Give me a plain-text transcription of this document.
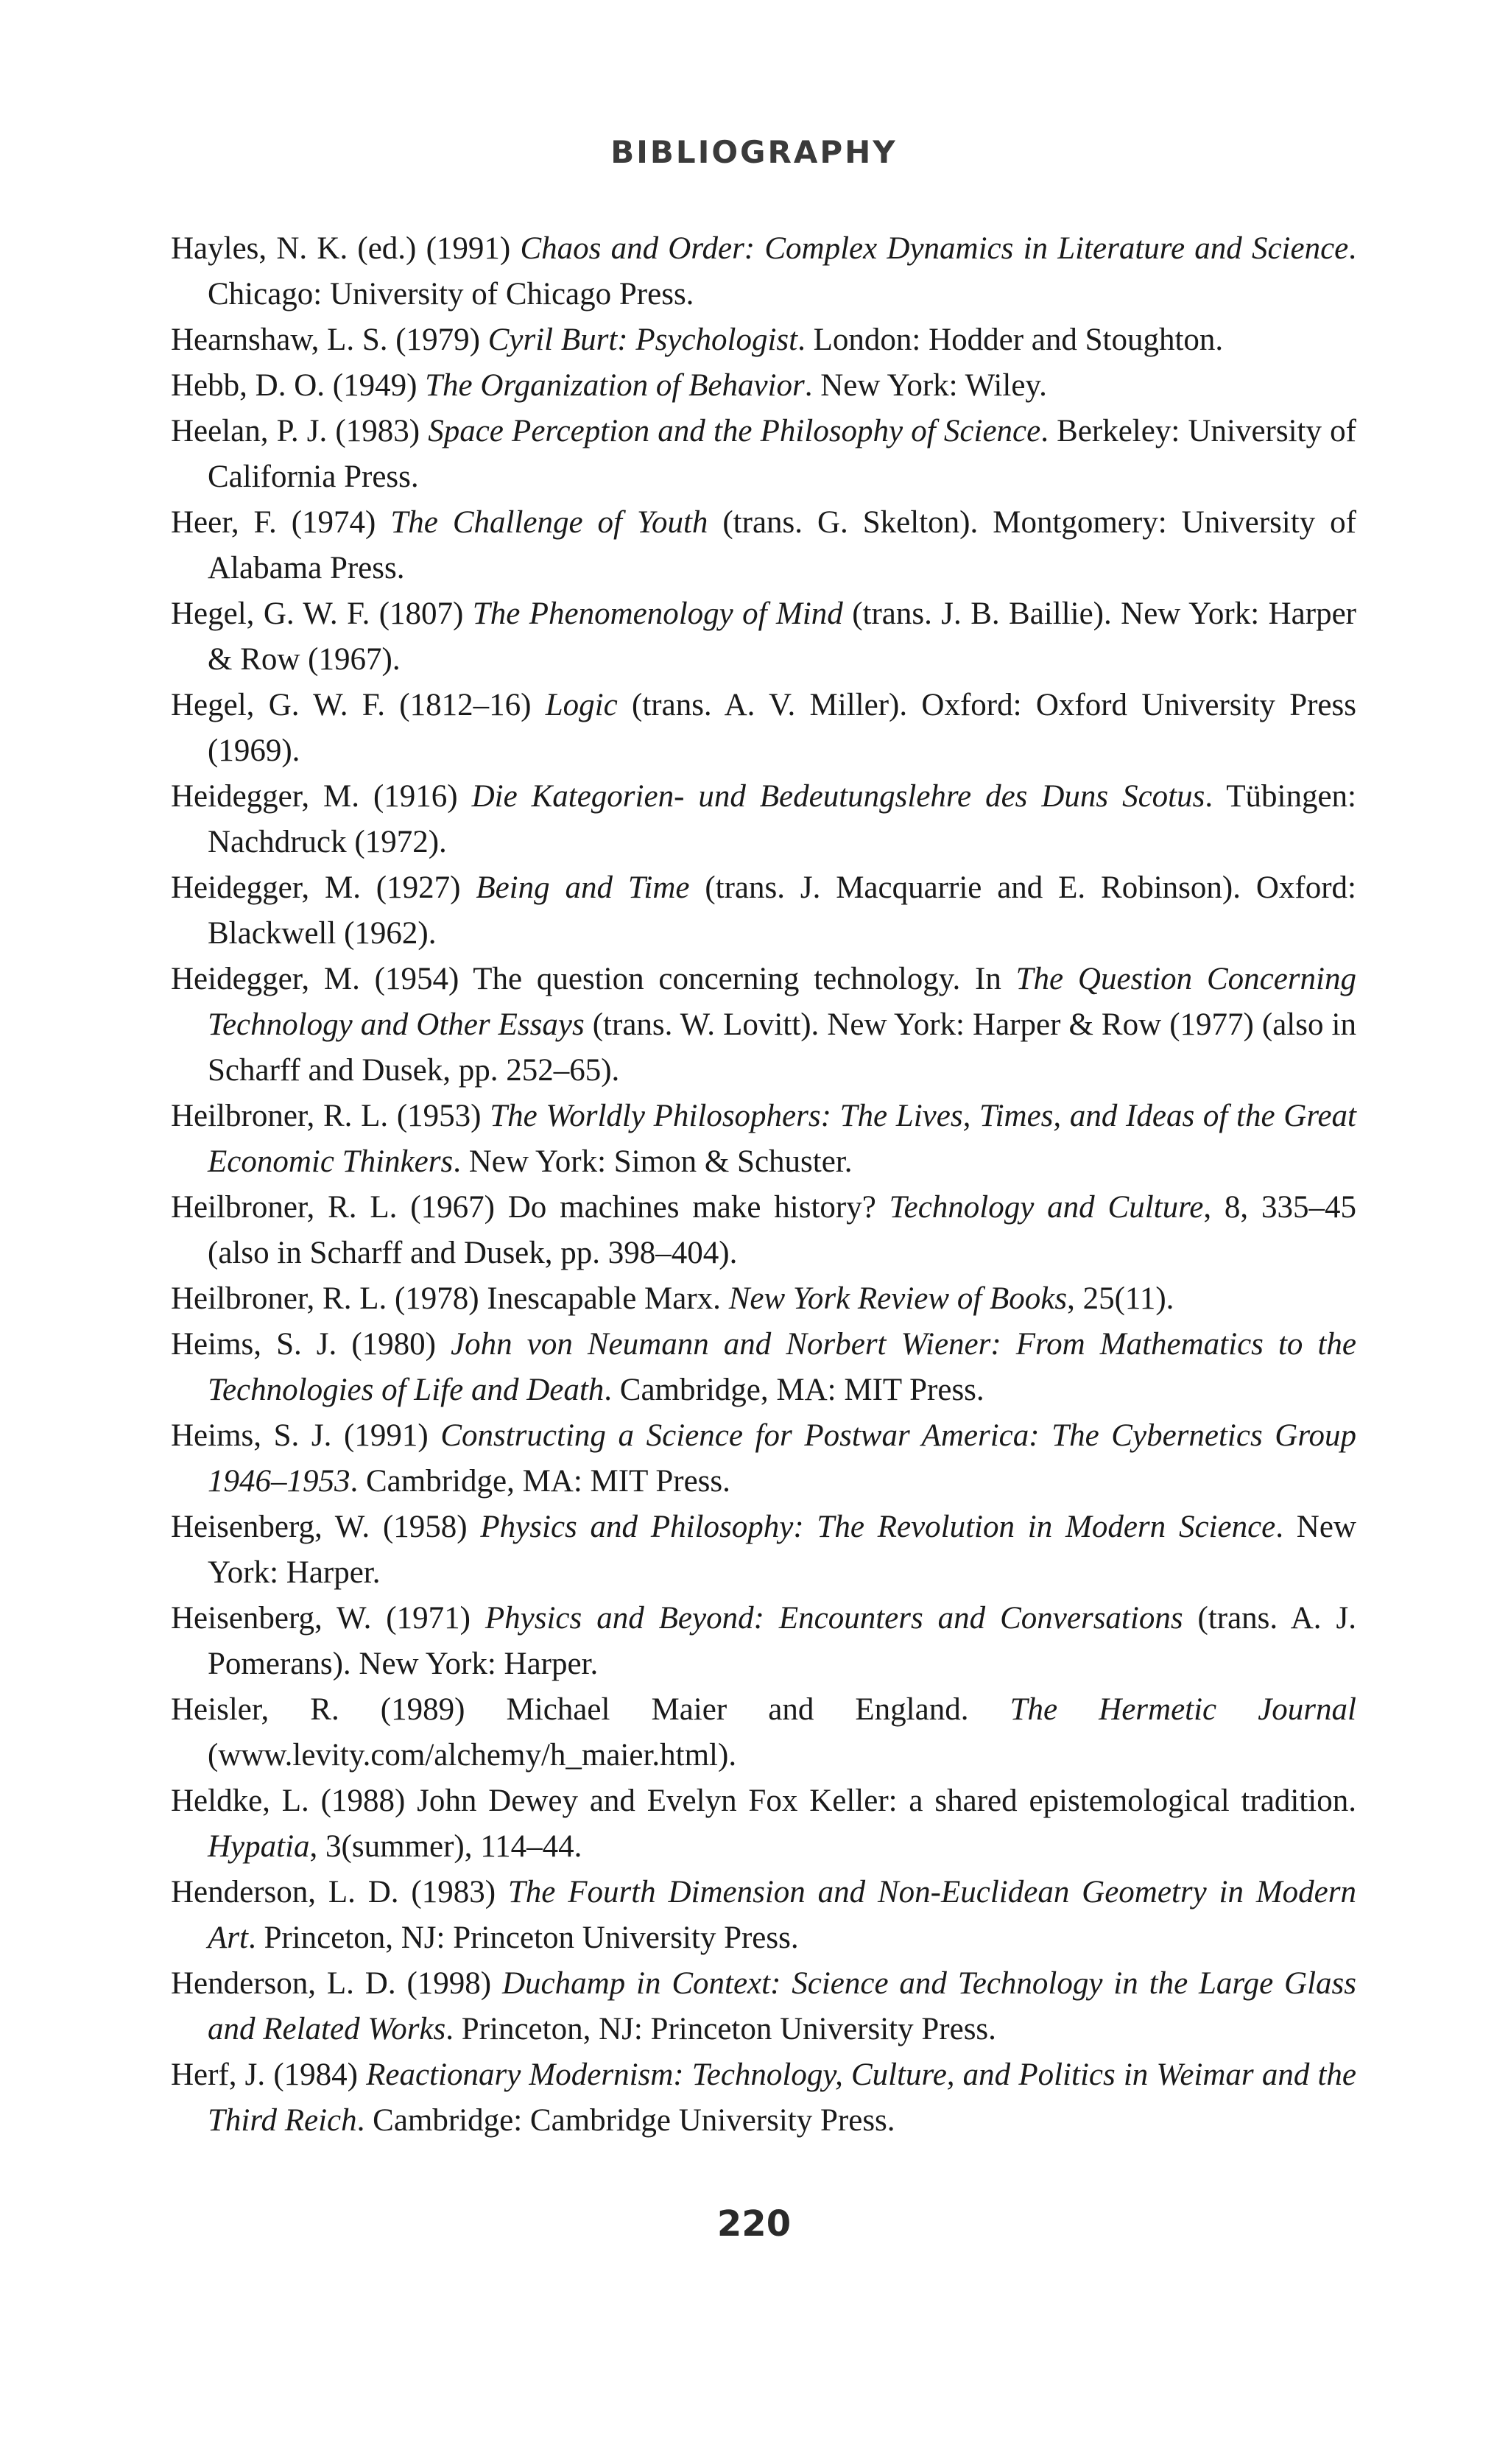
BIBLIOGRAPHY
Hayles, N. K. (ed.) (1991) Chaos and Order: Complex Dynamics in Literature and Science. Chicago: University of Chicago Press.
Hearnshaw, L. S. (1979) Cyril Burt: Psychologist. London: Hodder and Stoughton.
Hebb, D. O. (1949) The Organization of Behavior. New York: Wiley.
Heelan, P. J. (1983) Space Perception and the Philosophy of Science. Berkeley: University of California Press.
Heer, F. (1974) The Challenge of Youth (trans. G. Skelton). Montgomery: University of Alabama Press.
Hegel, G. W. F. (1807) The Phenomenology of Mind (trans. J. B. Baillie). New York: Harper & Row (1967).
Hegel, G. W. F. (1812–16) Logic (trans. A. V. Miller). Oxford: Oxford University Press (1969).
Heidegger, M. (1916) Die Kategorien- und Bedeutungslehre des Duns Scotus. Tübingen: Nachdruck (1972).
Heidegger, M. (1927) Being and Time (trans. J. Macquarrie and E. Robinson). Oxford: Blackwell (1962).
Heidegger, M. (1954) The question concerning technology. In The Question Concerning Technology and Other Essays (trans. W. Lovitt). New York: Harper & Row (1977) (also in Scharff and Dusek, pp. 252–65).
Heilbroner, R. L. (1953) The Worldly Philosophers: The Lives, Times, and Ideas of the Great Economic Thinkers. New York: Simon & Schuster.
Heilbroner, R. L. (1967) Do machines make history? Technology and Culture, 8, 335–45 (also in Scharff and Dusek, pp. 398–404).
Heilbroner, R. L. (1978) Inescapable Marx. New York Review of Books, 25(11).
Heims, S. J. (1980) John von Neumann and Norbert Wiener: From Mathematics to the Technologies of Life and Death. Cambridge, MA: MIT Press.
Heims, S. J. (1991) Constructing a Science for Postwar America: The Cybernetics Group 1946–1953. Cambridge, MA: MIT Press.
Heisenberg, W. (1958) Physics and Philosophy: The Revolution in Modern Science. New York: Harper.
Heisenberg, W. (1971) Physics and Beyond: Encounters and Conversations (trans. A. J. Pomerans). New York: Harper.
Heisler, R. (1989) Michael Maier and England. The Hermetic Journal (www.levity.com/alchemy/h_maier.html).
Heldke, L. (1988) John Dewey and Evelyn Fox Keller: a shared epistemological tradition. Hypatia, 3(summer), 114–44.
Henderson, L. D. (1983) The Fourth Dimension and Non-Euclidean Geometry in Modern Art. Princeton, NJ: Princeton University Press.
Henderson, L. D. (1998) Duchamp in Context: Science and Technology in the Large Glass and Related Works. Princeton, NJ: Princeton University Press.
Herf, J. (1984) Reactionary Modernism: Technology, Culture, and Politics in Weimar and the Third Reich. Cambridge: Cambridge University Press.
220
